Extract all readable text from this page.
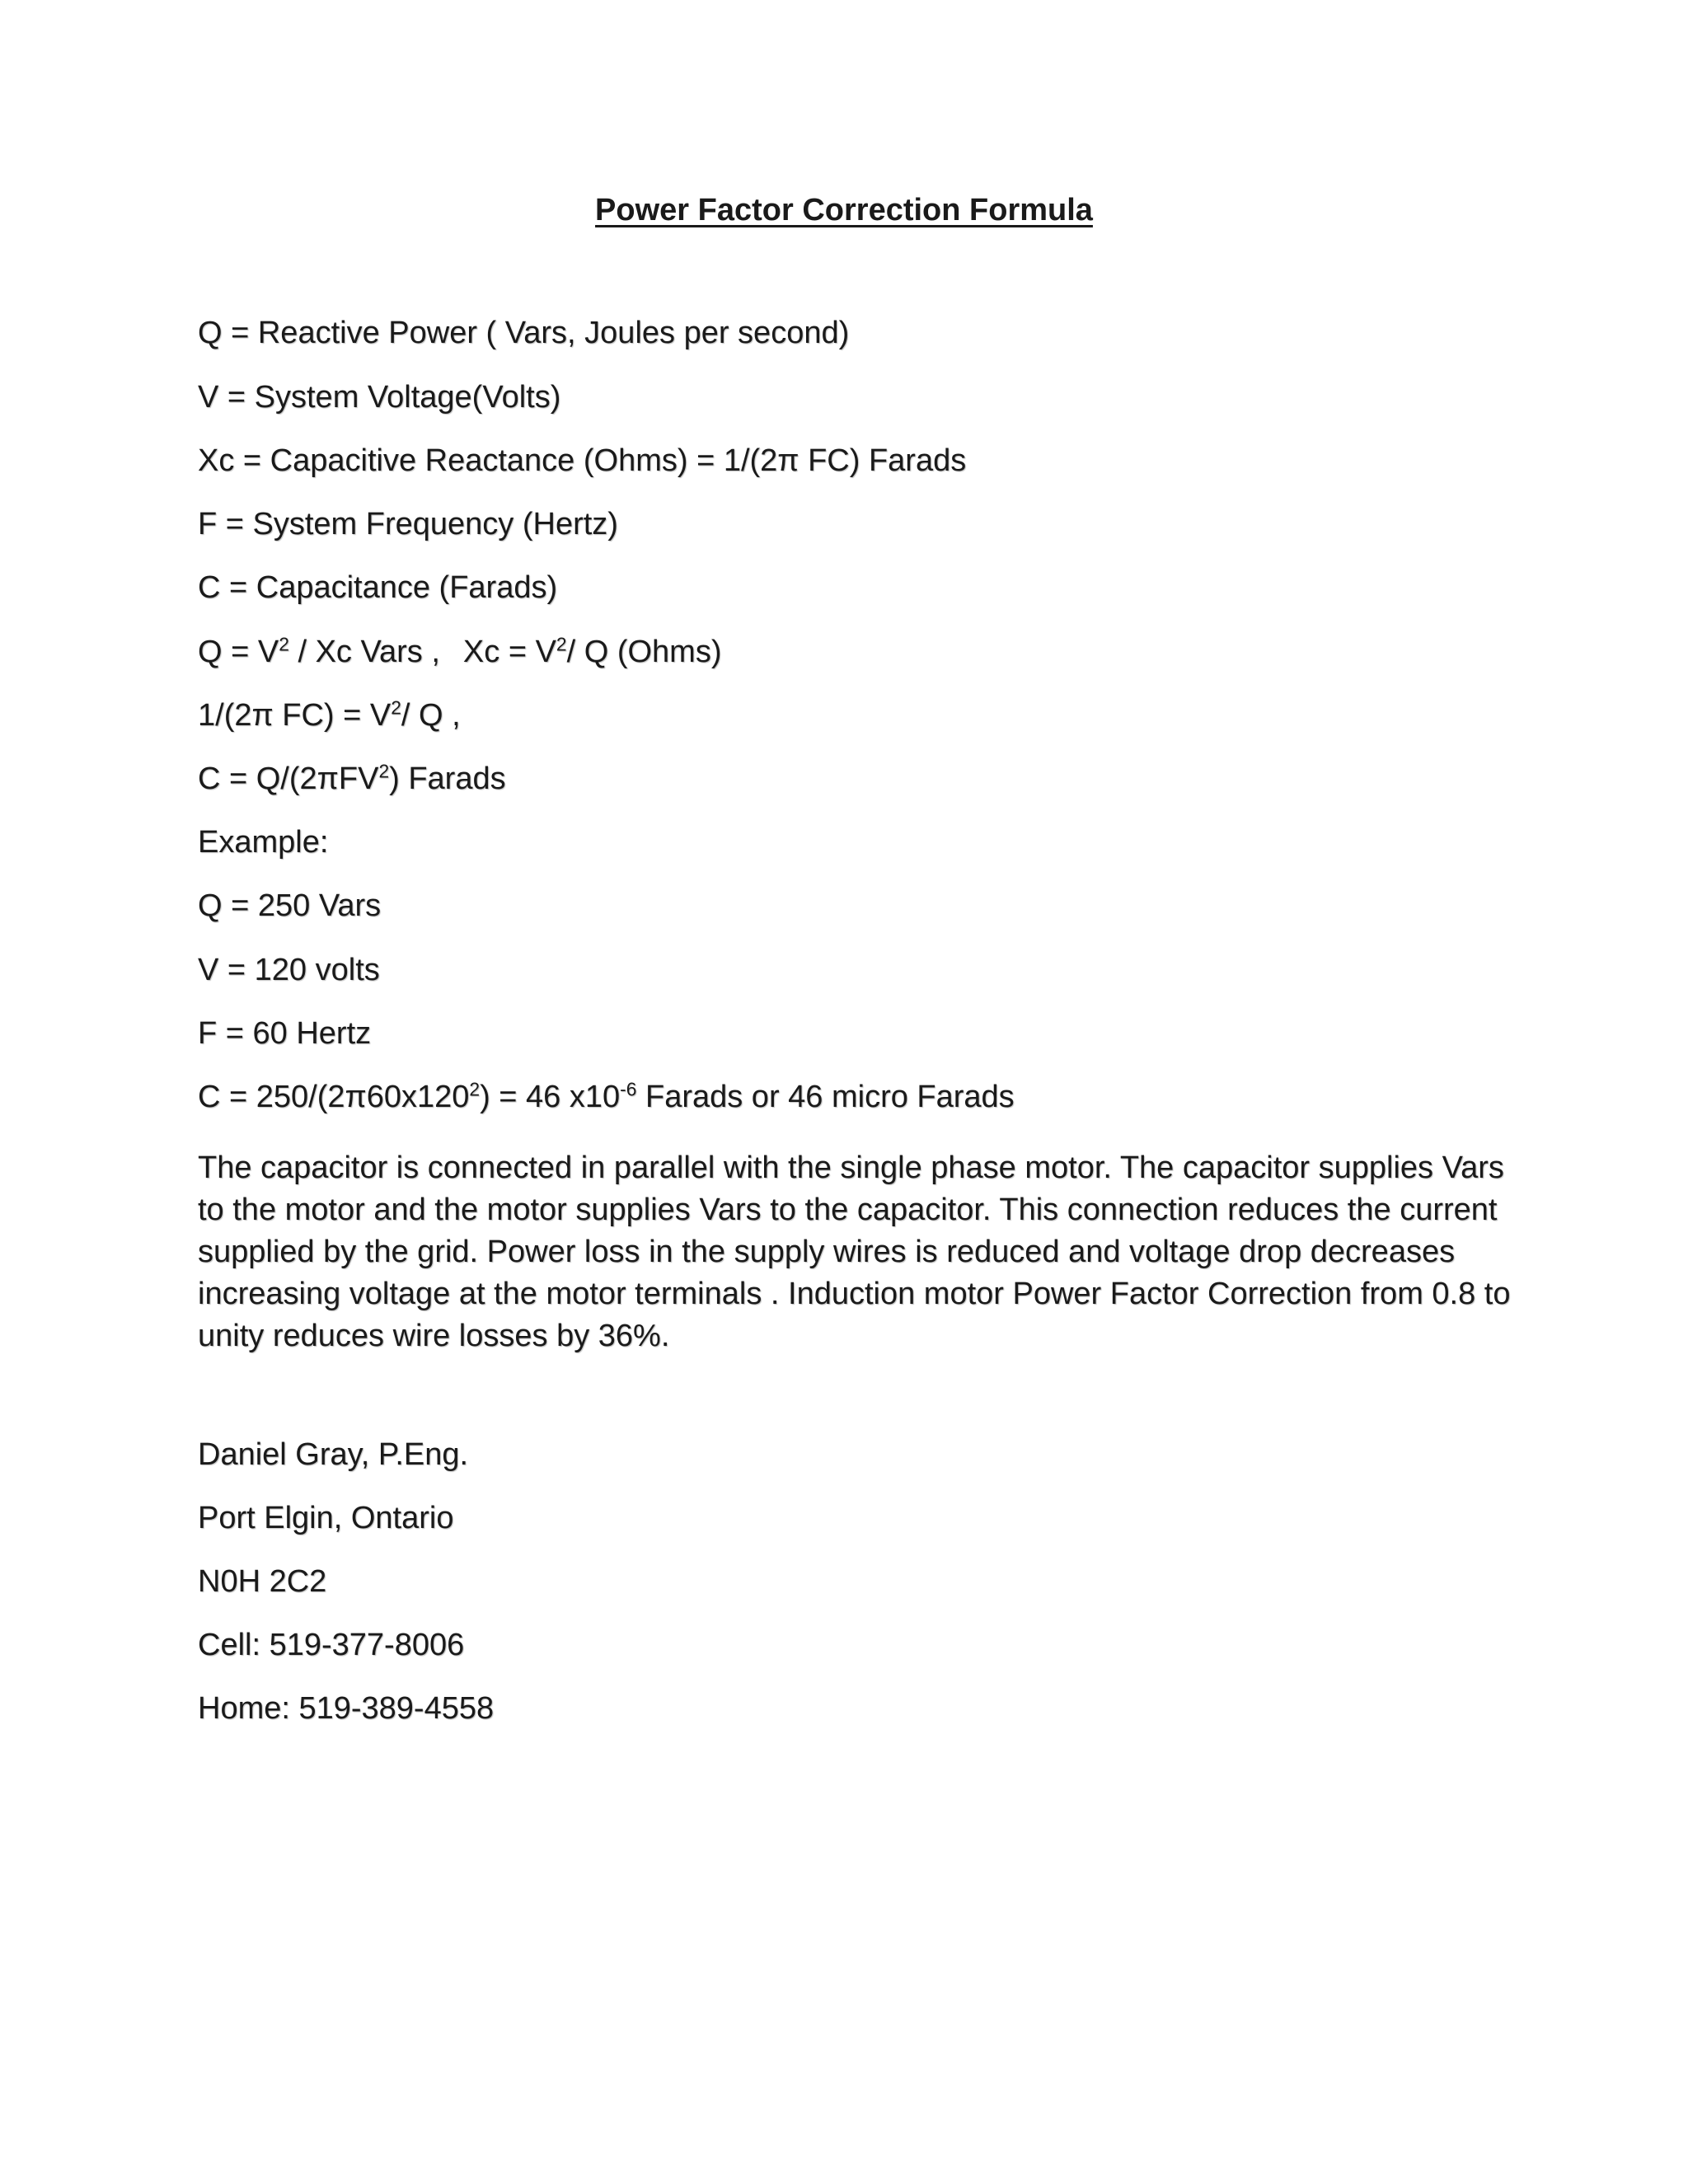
Power Factor Correction Formula
Q = Reactive Power ( Vars, Joules per second)
V = System Voltage(Volts)
Xc = Capacitive Reactance (Ohms) = 1/(2π FC) Farads
F = System Frequency (Hertz)
C = Capacitance (Farads)
$Q = V^2 / Xc$ Vars , $Xc = V^2/$ Q (Ohms)
1/(2π $FC) = V^2/$ Q ,
C = Q/(2πFV$^2$) Farads
Example:
Q = 250 Vars
V = 120 volts
F = 60 Hertz
$C = 250/(2\pi 60x120^2) = 46$ $x10^{-6}$ Farads or 46 micro Farads
The capacitor is connected in parallel with the single phase motor. The capacitor supplies Vars
to the motor and the motor supplies Vars to the capacitor. This connection reduces the current
supplied by the grid. Power loss in the supply wires is reduced and voltage drop decreases
increasing voltage at the motor terminals . Induction motor Power Factor Correction from 0.8 to
unity reduces wire losses by 36%.
Daniel Gray, P.Eng.
Port Elgin, Ontario
N0H 2C2
Cell: 519-377-8006
Home: 519-389-4558
